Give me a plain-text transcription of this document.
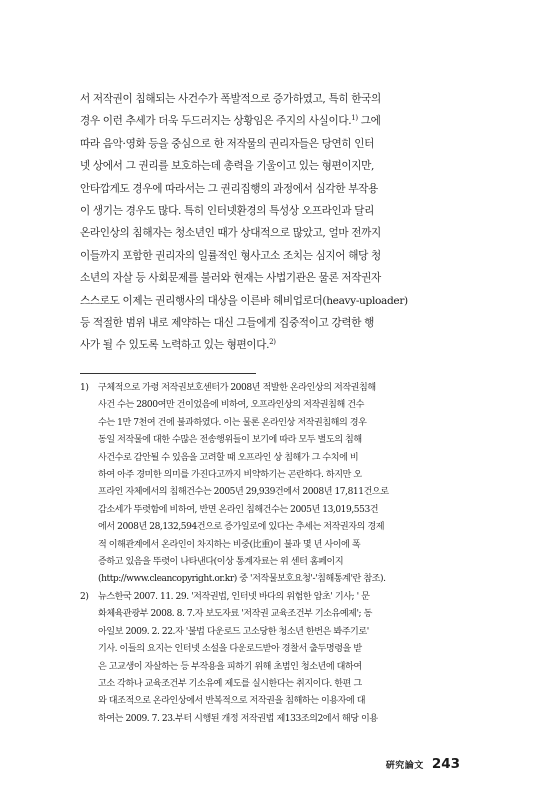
서 저작권이 침해되는 사건수가 폭발적으로 증가하였고, 특히 한국의
경우 이런 추세가 더욱 두드러지는 상황임은 주지의 사실이다.$^{1)}$ 그에
따라 음악·영화 등을 중심으로 한 저작물의 권리자들은 당연히 인터
넷 상에서 그 권리를 보호하는데 총력을 기울이고 있는 형편이지만,
안타깝게도 경우에 따라서는 그 권리집행의 과정에서 심각한 부작용
이 생기는 경우도 많다. 특히 인터넷환경의 특성상 오프라인과 달리
온라인상의 침해자는 청소년인 때가 상대적으로 많았고, 얼마 전까지
이들까지 포함한 권리자의 일률적인 형사고소 조치는 심지어 해당 청
소년의 자살 등 사회문제를 불러와 현재는 사법기관은 물론 저작권자
스스로도 이제는 권리행사의 대상을 이른바 헤비업로더(heavy-uploader)
등 적절한 범위 내로 제약하는 대신 그들에게 집중적이고 강력한 행
사가 될 수 있도록 노력하고 있는 형편이다.$^{2)}$

1) 구체적으로 가령 저작권보호센터가 2008년 적발한 온라인상의 저작권침해
사건 수는 2800여만 건이었음에 비하여, 오프라인상의 저작권침해 건수
수는 1만 7천여 건에 불과하였다. 이는 물론 온라인상 저작권침해의 경우
동일 저작물에 대한 수많은 전송행위들이 보기에 따라 모두 별도의 침해
사건수로 감안될 수 있음을 고려할 때 오프라인 상 침해가 그 수치에 비
하여 아주 경미한 의미를 가진다고까지 비약하기는 곤란하다. 하지만 오
프라인 자체에서의 침해건수는 2005년 29,939건에서 2008년 17,811건으로
감소세가 뚜렷함에 비하여, 반면 온라인 침해건수는 2005년 13,019,553건
에서 2008년 28,132,594건으로 증가일로에 있다는 추세는 저작권자의 경제
적 이해관계에서 온라인이 차지하는 비중(比重)이 불과 몇 년 사이에 폭
증하고 있음을 뚜렷이 나타낸다(이상 통계자료는 위 센터 홈페이지
(http://www.cleancopyright.or.kr) 중 '저작물보호요청'-'침해통계'란 참조).
2) 뉴스한국 2007. 11. 29. '저작권법, 인터넷 바다의 위험한 암초' 기사; ' 문
화체육관광부 2008. 8. 7.자 보도자료 '저작권 교육조건부 기소유예제'; 동
아일보 2009. 2. 22.자 '불법 다운로드 고소당한 청소년 한번은 봐주기로'
기사. 이들의 요지는 인터넷 소설을 다운로드받아 경찰서 출두명령을 받
은 고교생이 자살하는 등 부작용을 피하기 위해 초범인 청소년에 대하여
고소 각하나 교육조건부 기소유예 제도를 실시한다는 취지이다. 한편 그
와 대조적으로 온라인상에서 반복적으로 저작권을 침해하는 이용자에 대
하여는 2009. 7. 23.부터 시행된 개정 저작권법 제133조의2에서 해당 이용
硏究論文 243
